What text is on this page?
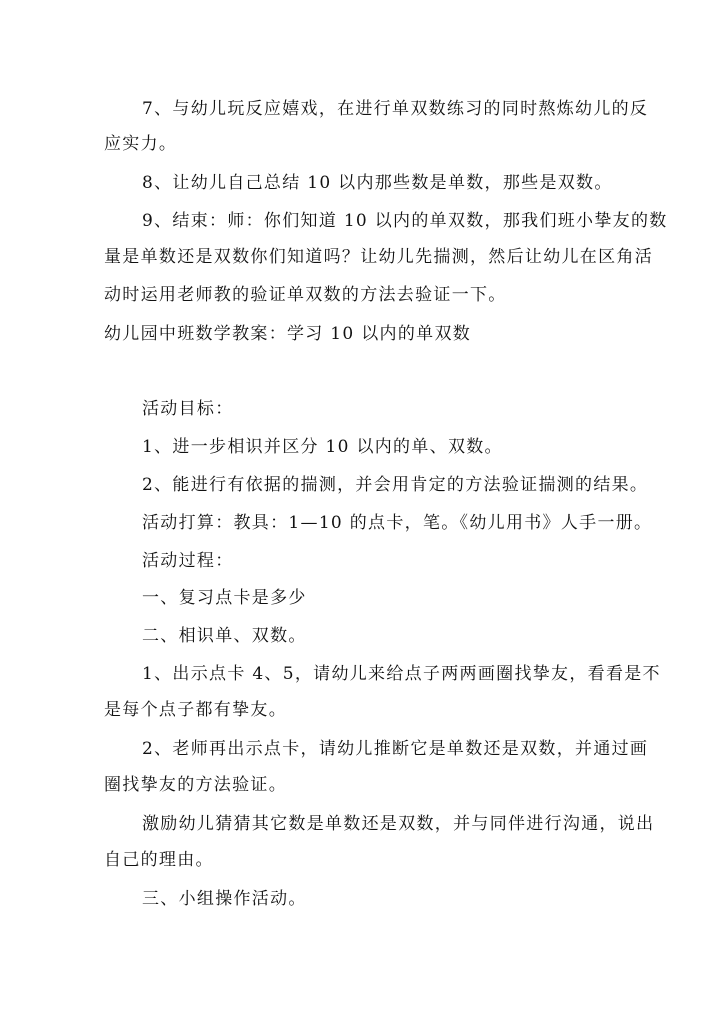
7、与幼儿玩反应嬉戏，在进行单双数练习的同时熬炼幼儿的反
应实力。
8、让幼儿自己总结 10 以内那些数是单数，那些是双数。
9、结束：师：你们知道 10 以内的单双数，那我们班小挚友的数
量是单数还是双数你们知道吗？让幼儿先揣测，然后让幼儿在区角活
动时运用老师教的验证单双数的方法去验证一下。
幼儿园中班数学教案：学习 10 以内的单双数
活动目标：
1、进一步相识并区分 10 以内的单、双数。
2、能进行有依据的揣测，并会用肯定的方法验证揣测的结果。
活动打算：教具：1—10 的点卡，笔。《幼儿用书》人手一册。
活动过程：
一、复习点卡是多少
二、相识单、双数。
1、出示点卡 4、5，请幼儿来给点子两两画圈找挚友，看看是不
是每个点子都有挚友。
2、老师再出示点卡，请幼儿推断它是单数还是双数，并通过画
圈找挚友的方法验证。
激励幼儿猜猜其它数是单数还是双数，并与同伴进行沟通，说出
自己的理由。
三、小组操作活动。
